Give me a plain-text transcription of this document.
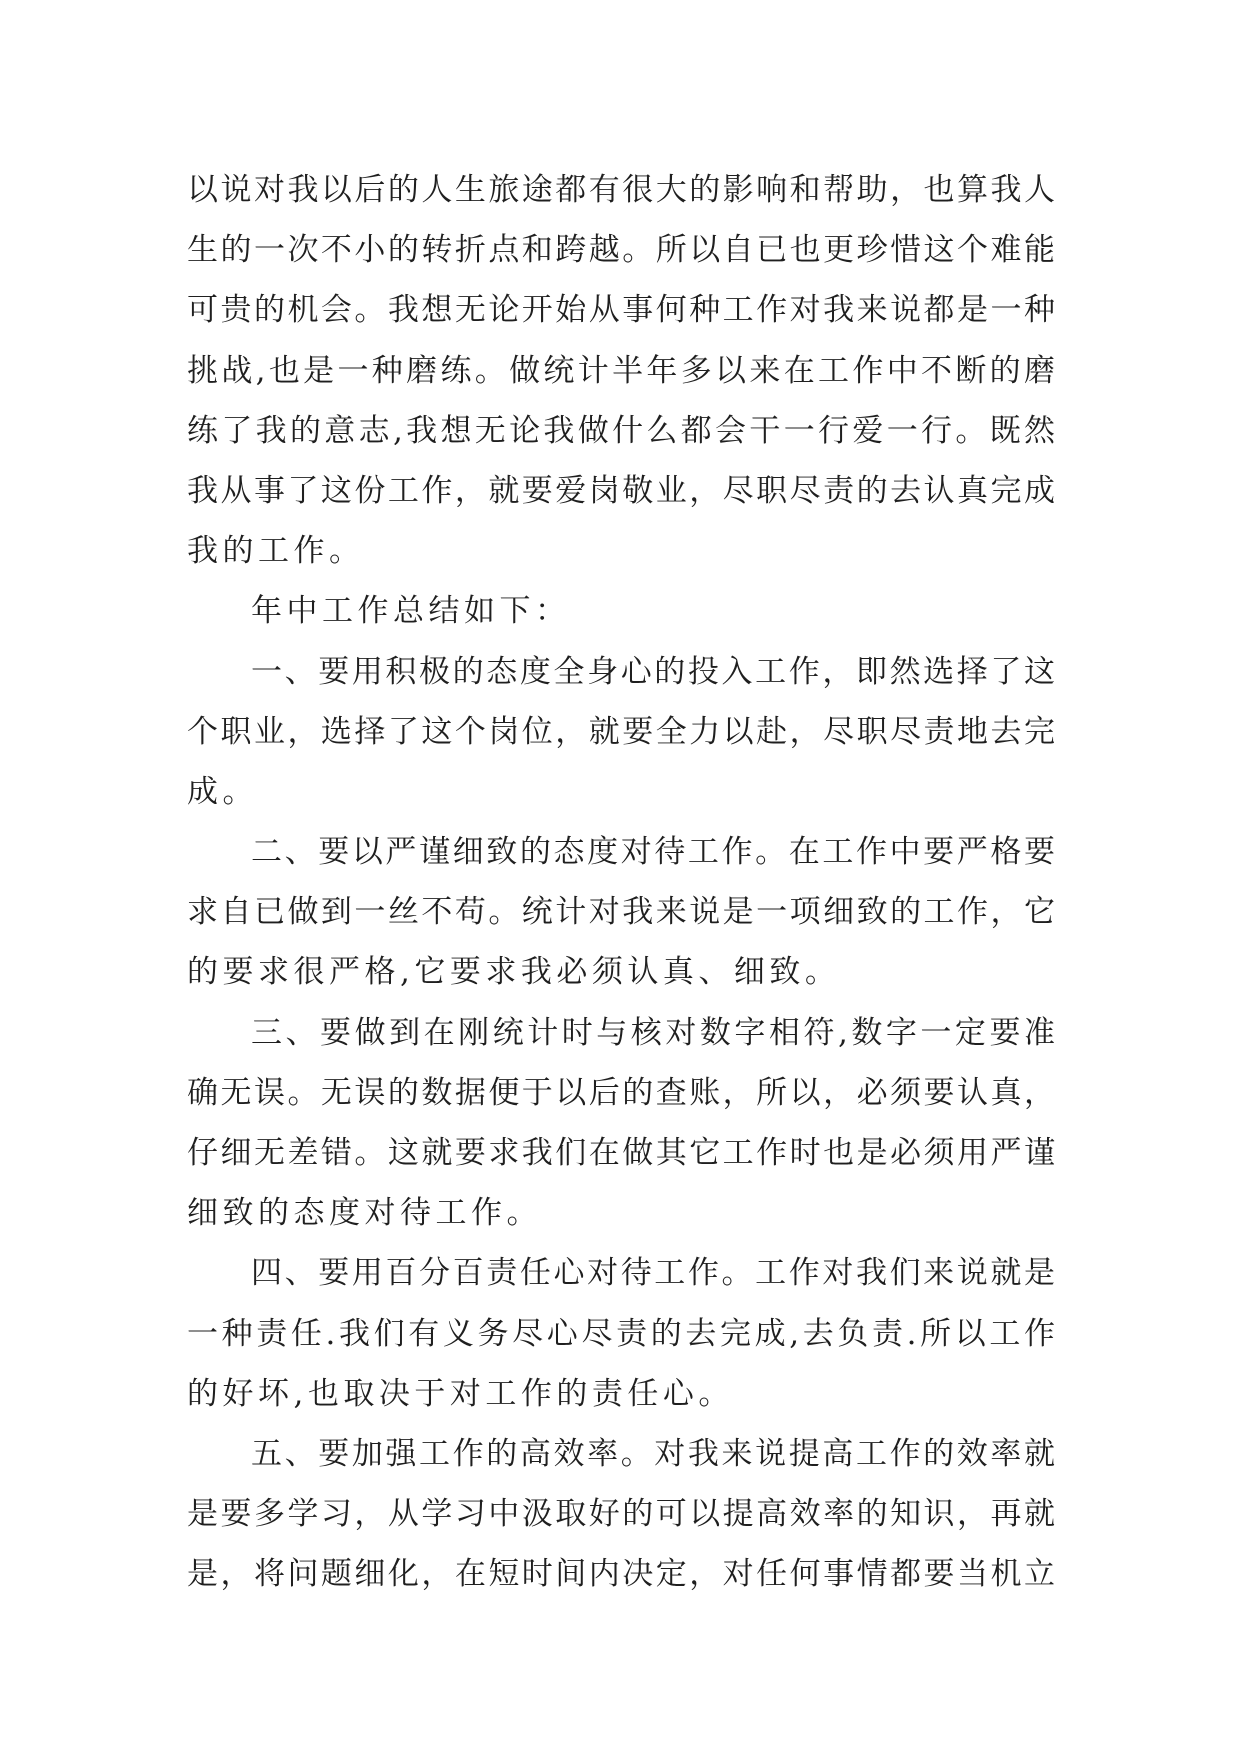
以说对我以后的人生旅途都有很大的影响和帮助，也算我人
生的一次不小的转折点和跨越。所以自已也更珍惜这个难能
可贵的机会。我想无论开始从事何种工作对我来说都是一种
挑战,也是一种磨练。做统计半年多以来在工作中不断的磨
练了我的意志,我想无论我做什么都会干一行爱一行。既然
我从事了这份工作，就要爱岗敬业，尽职尽责的去认真完成
我的工作。
年中工作总结如下：
一、要用积极的态度全身心的投入工作，即然选择了这
个职业，选择了这个岗位，就要全力以赴，尽职尽责地去完
成。
二、要以严谨细致的态度对待工作。在工作中要严格要
求自已做到一丝不苟。统计对我来说是一项细致的工作，它
的要求很严格,它要求我必须认真、细致。
三、要做到在刚统计时与核对数字相符,数字一定要准
确无误。无误的数据便于以后的查账，所以，必须要认真，
仔细无差错。这就要求我们在做其它工作时也是必须用严谨
细致的态度对待工作。
四、要用百分百责任心对待工作。工作对我们来说就是
一种责任.我们有义务尽心尽责的去完成,去负责.所以工作
的好坏,也取决于对工作的责任心。
五、要加强工作的高效率。对我来说提高工作的效率就
是要多学习，从学习中汲取好的可以提高效率的知识，再就
是，将问题细化，在短时间内决定，对任何事情都要当机立
